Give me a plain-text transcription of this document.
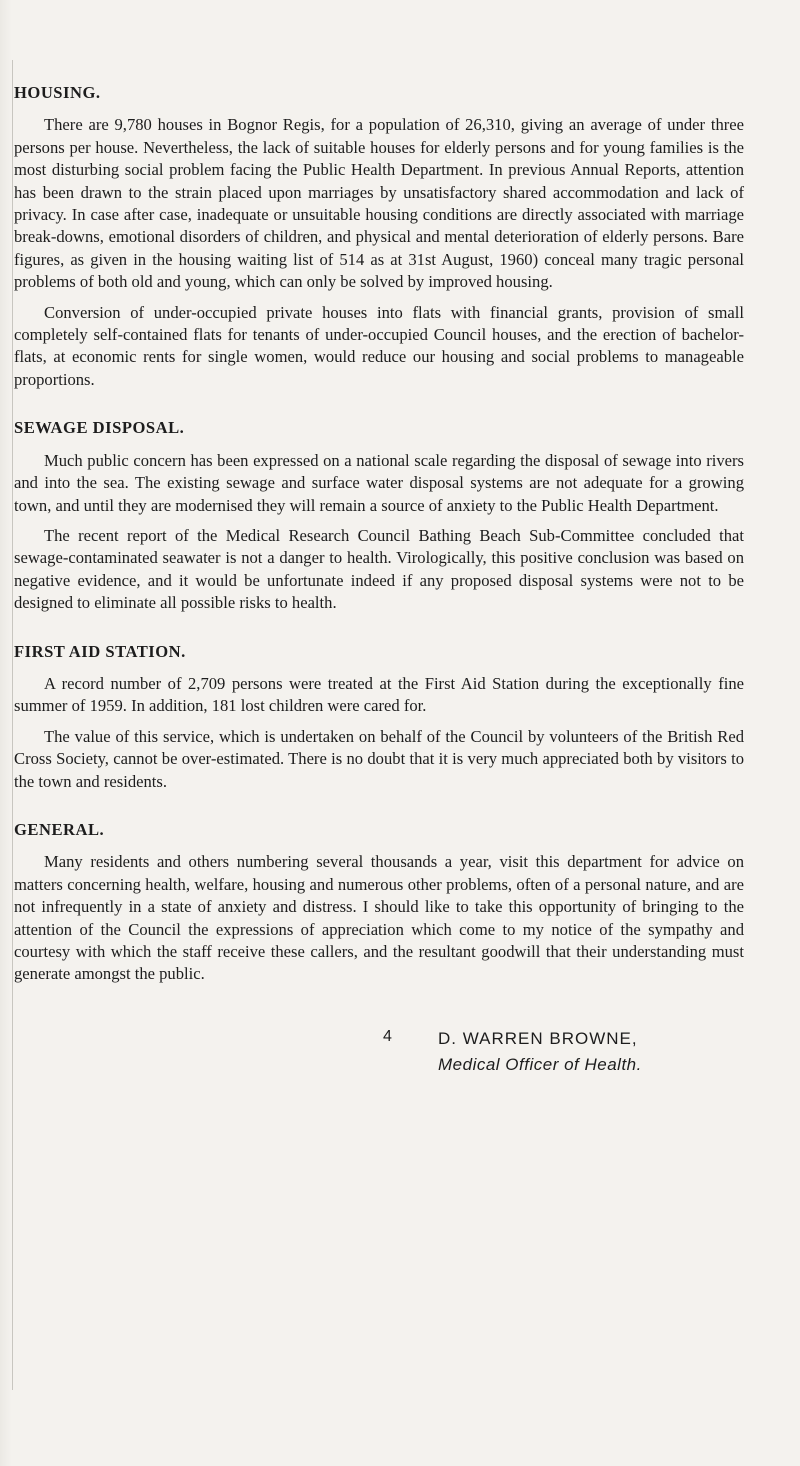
HOUSING.

There are 9,780 houses in Bognor Regis, for a population of 26,310, giving an average of under three persons per house. Nevertheless, the lack of suitable houses for elderly persons and for young families is the most disturbing social problem facing the Public Health Department. In previous Annual Reports, attention has been drawn to the strain placed upon marriages by unsatisfactory shared accommodation and lack of privacy. In case after case, inadequate or unsuitable housing conditions are directly associated with marriage break-downs, emotional disorders of children, and physical and mental deterioration of elderly persons. Bare figures, as given in the housing waiting list of 514 as at 31st August, 1960) conceal many tragic personal problems of both old and young, which can only be solved by improved housing.

Conversion of under-occupied private houses into flats with financial grants, provision of small completely self-contained flats for tenants of under-occupied Council houses, and the erection of bachelor-flats, at economic rents for single women, would reduce our housing and social problems to manageable proportions.

SEWAGE DISPOSAL.

Much public concern has been expressed on a national scale regarding the disposal of sewage into rivers and into the sea. The existing sewage and surface water disposal systems are not adequate for a growing town, and until they are modernised they will remain a source of anxiety to the Public Health Department.

The recent report of the Medical Research Council Bathing Beach Sub-Committee concluded that sewage-contaminated seawater is not a danger to health. Virologically, this positive conclusion was based on negative evidence, and it would be unfortunate indeed if any proposed disposal systems were not to be designed to eliminate all possible risks to health.

FIRST AID STATION.

A record number of 2,709 persons were treated at the First Aid Station during the exceptionally fine summer of 1959. In addition, 181 lost children were cared for.

The value of this service, which is undertaken on behalf of the Council by volunteers of the British Red Cross Society, cannot be over-estimated. There is no doubt that it is very much appreciated both by visitors to the town and residents.

GENERAL.

Many residents and others numbering several thousands a year, visit this department for advice on matters concerning health, welfare, housing and numerous other problems, often of a personal nature, and are not infrequently in a state of anxiety and distress. I should like to take this opportunity of bringing to the attention of the Council the expressions of appreciation which come to my notice of the sympathy and courtesy with which the staff receive these callers, and the resultant goodwill that their understanding must generate amongst the public.

D. WARREN BROWNE,
Medical Officer of Health.
4
